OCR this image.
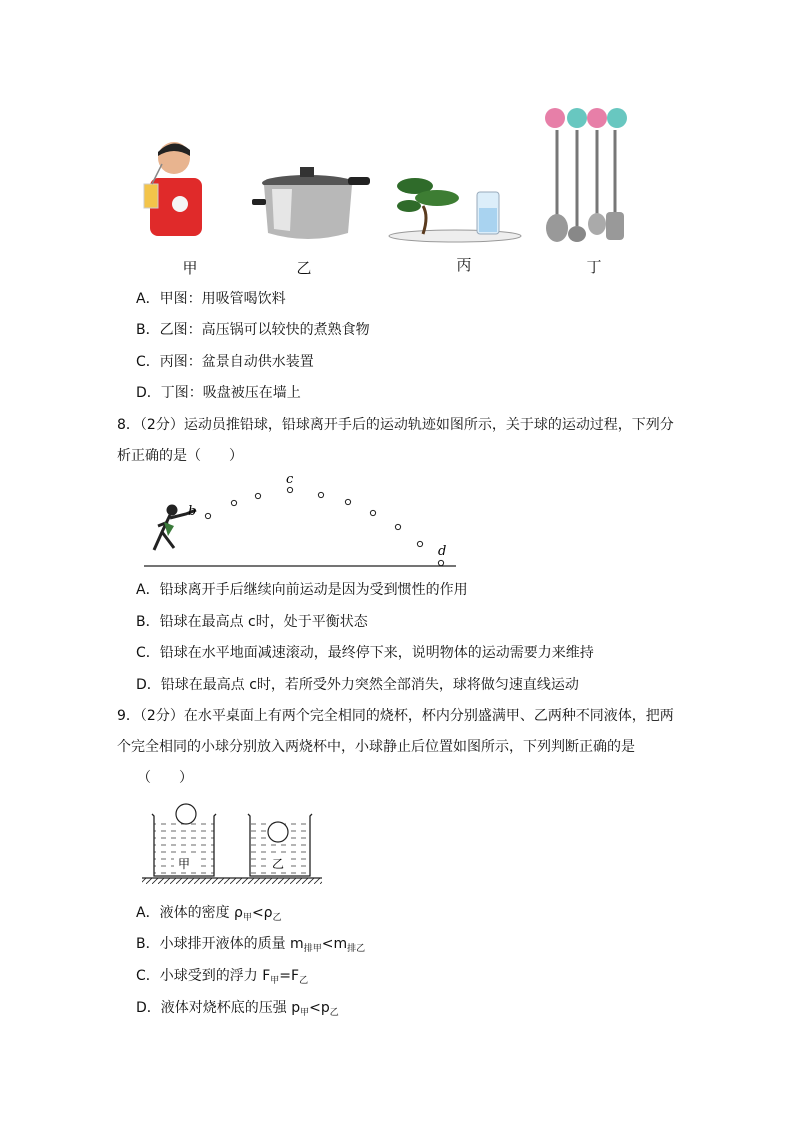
甲	乙	丙	丁
A．甲图：用吸管喝饮料
B．乙图：高压锅可以较快的煮熟食物
C．丙图：盆景自动供水装置
D．丁图：吸盘被压在墙上
8．（2分）运动员推铅球，铅球离开手后的运动轨迹如图所示，关于球的运动过程，下列分
析正确的是（　　）
b
c
d
A．铅球离开手后继续向前运动是因为受到惯性的作用
B．铅球在最高点 c时，处于平衡状态
C．铅球在水平地面减速滚动，最终停下来，说明物体的运动需要力来维持
D．铅球在最高点 c时，若所受外力突然全部消失，球将做匀速直线运动
9．（2分）在水平桌面上有两个完全相同的烧杯，杯内分别盛满甲、乙两种不同液体，把两
个完全相同的小球分别放入两烧杯中，小球静止后位置如图所示，下列判断正确的是
（　　）
甲	乙
A．液体的密度 $\rho_甲<\rho_乙$
B．小球排开液体的质量 $m_{排甲}<m_{排乙}$
C．小球受到的浮力 $F_甲=F_乙$
D．液体对烧杯底的压强 $p_甲<p_乙$
